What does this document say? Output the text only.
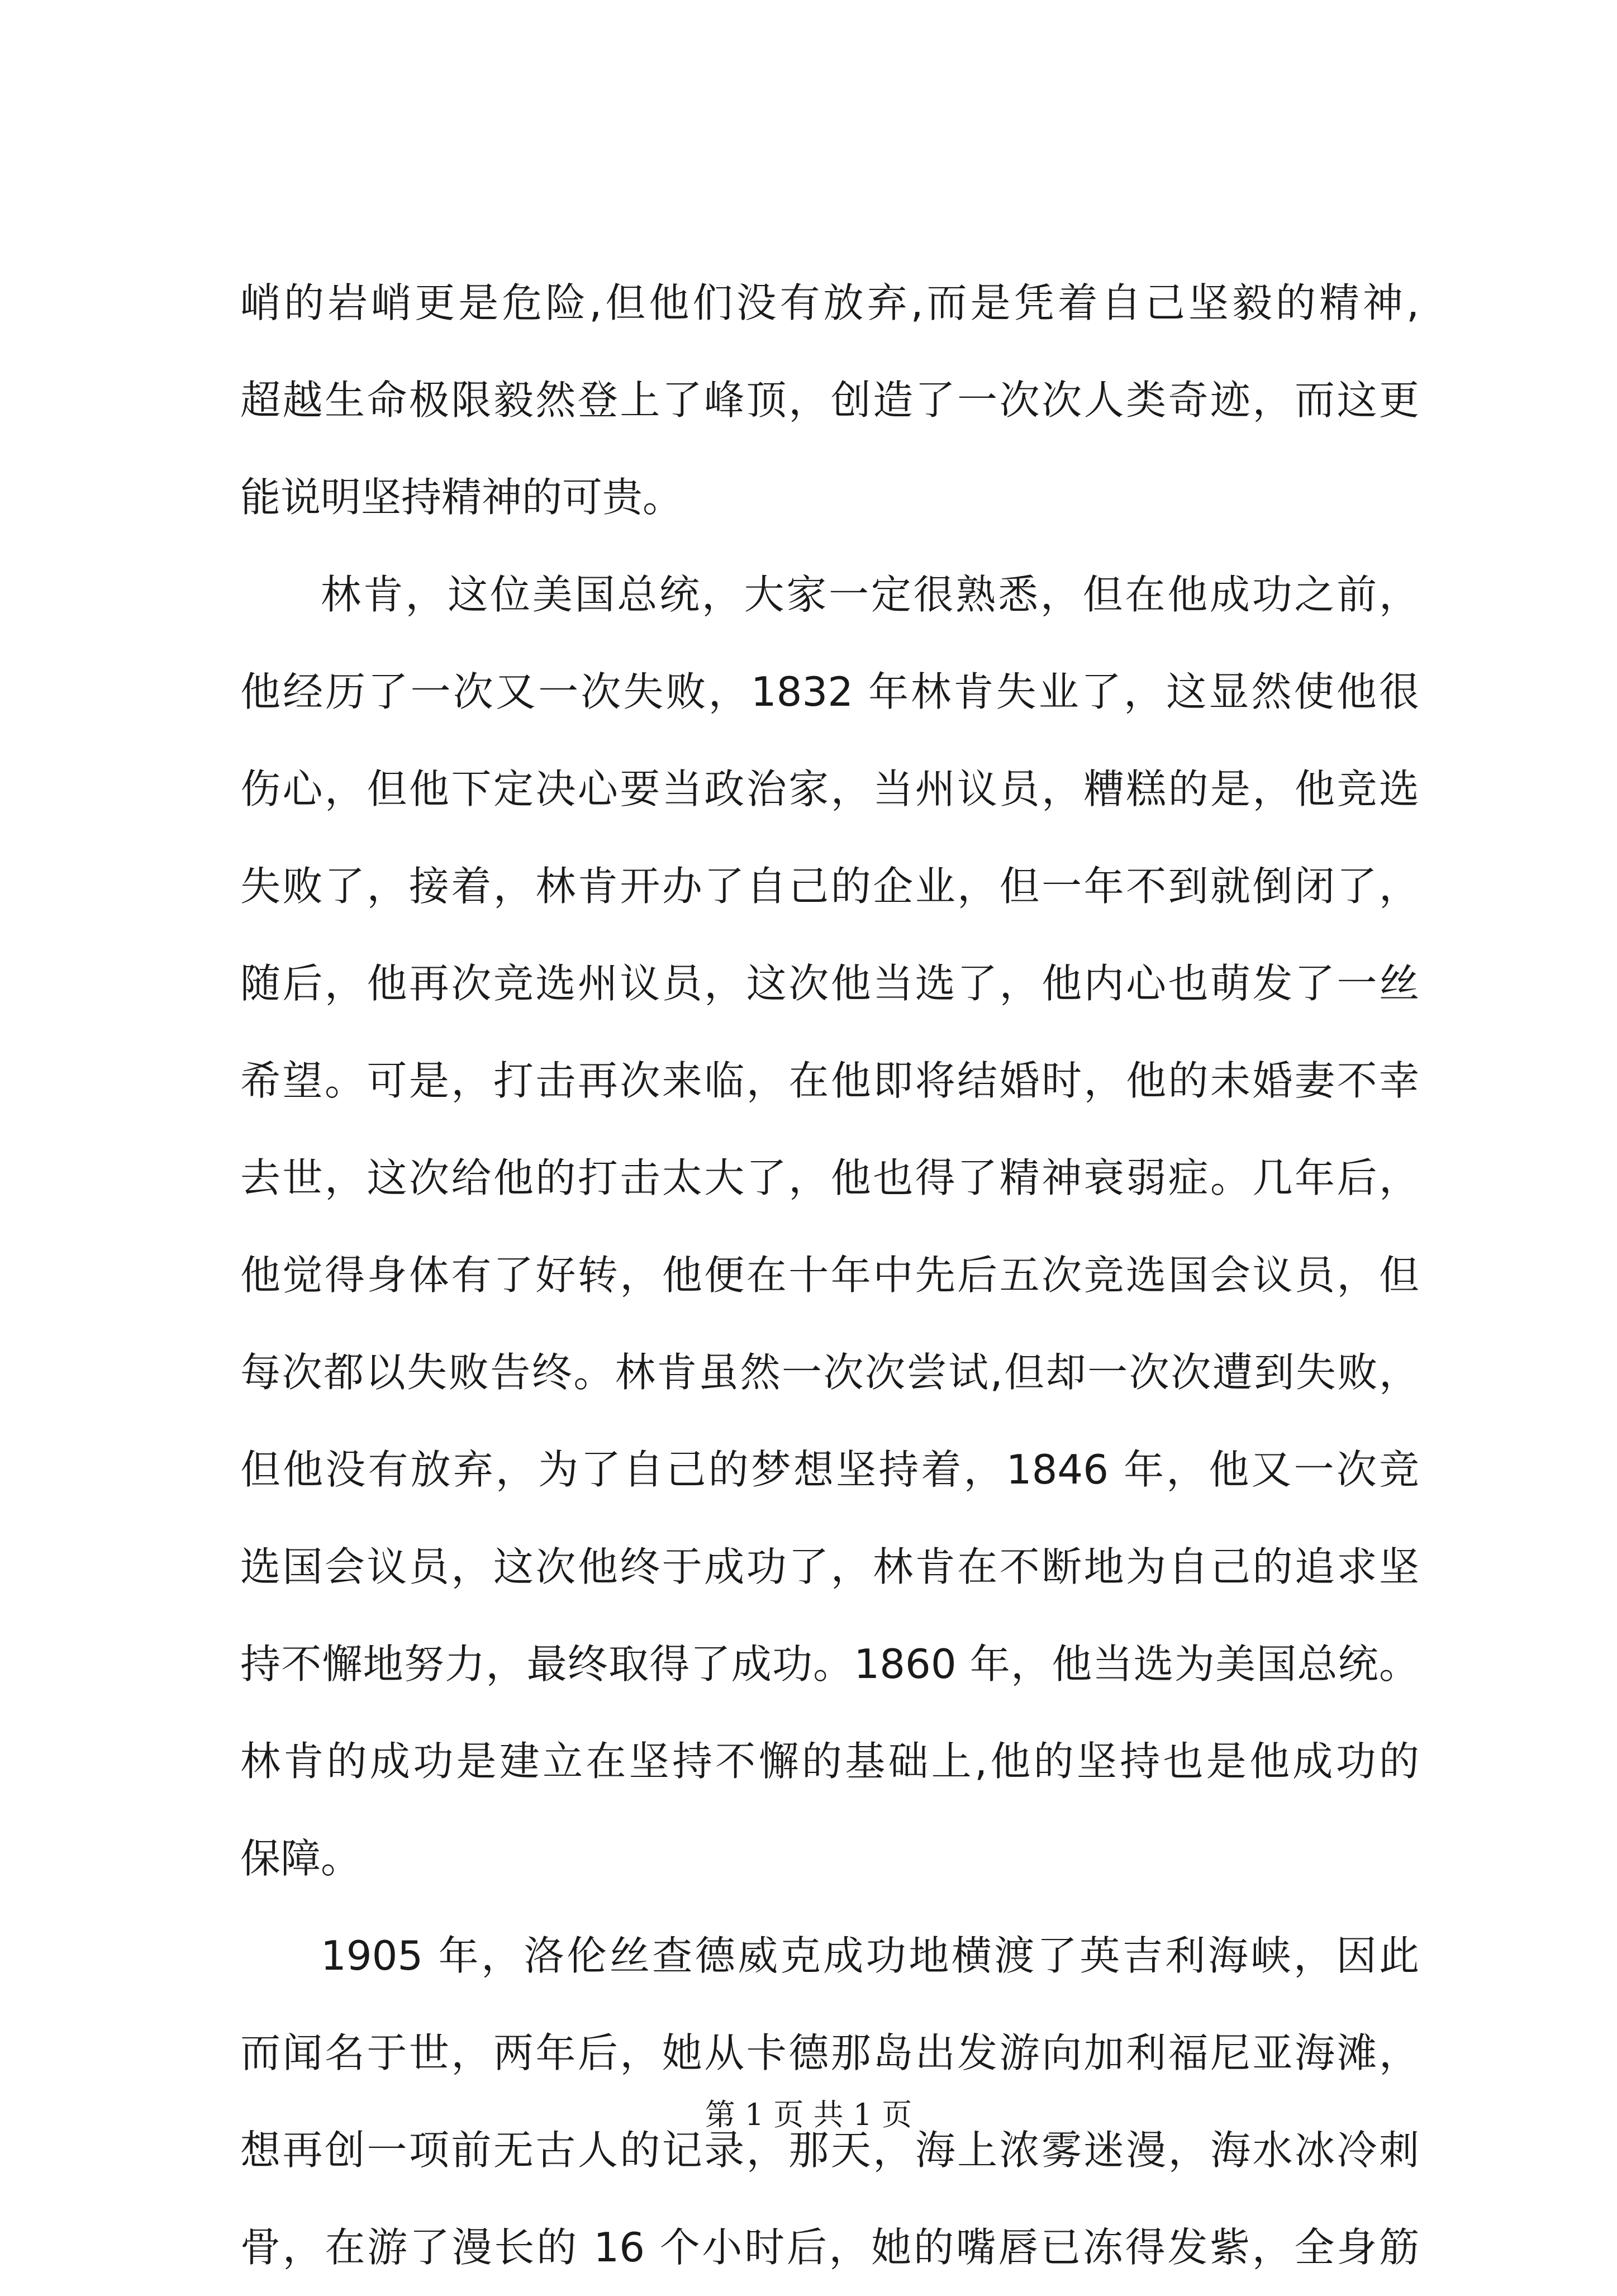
峭的岩峭更是危险,但他们没有放弃,而是凭着自己坚毅的精神,
超越生命极限毅然登上了峰顶，创造了一次次人类奇迹，而这更
能说明坚持精神的可贵。
林肯，这位美国总统，大家一定很熟悉，但在他成功之前，
他经历了一次又一次失败，1832 年林肯失业了，这显然使他很
伤心，但他下定决心要当政治家，当州议员，糟糕的是，他竞选
失败了，接着，林肯开办了自己的企业，但一年不到就倒闭了，
随后，他再次竞选州议员，这次他当选了，他内心也萌发了一丝
希望。可是，打击再次来临，在他即将结婚时，他的未婚妻不幸
去世，这次给他的打击太大了，他也得了精神衰弱症。几年后，
他觉得身体有了好转，他便在十年中先后五次竞选国会议员，但
每次都以失败告终。林肯虽然一次次尝试,但却一次次遭到失败，
但他没有放弃，为了自己的梦想坚持着，1846 年，他又一次竞
选国会议员，这次他终于成功了，林肯在不断地为自己的追求坚
持不懈地努力，最终取得了成功。1860 年，他当选为美国总统。
林肯的成功是建立在坚持不懈的基础上,他的坚持也是他成功的
保障。
1905 年，洛伦丝查德威克成功地横渡了英吉利海峡，因此
而闻名于世，两年后，她从卡德那岛出发游向加利福尼亚海滩，
想再创一项前无古人的记录，那天，海上浓雾迷漫，海水冰冷刺
骨，在游了漫长的 16 个小时后，她的嘴唇已冻得发紫，全身筋
第 1 页 共 1 页
